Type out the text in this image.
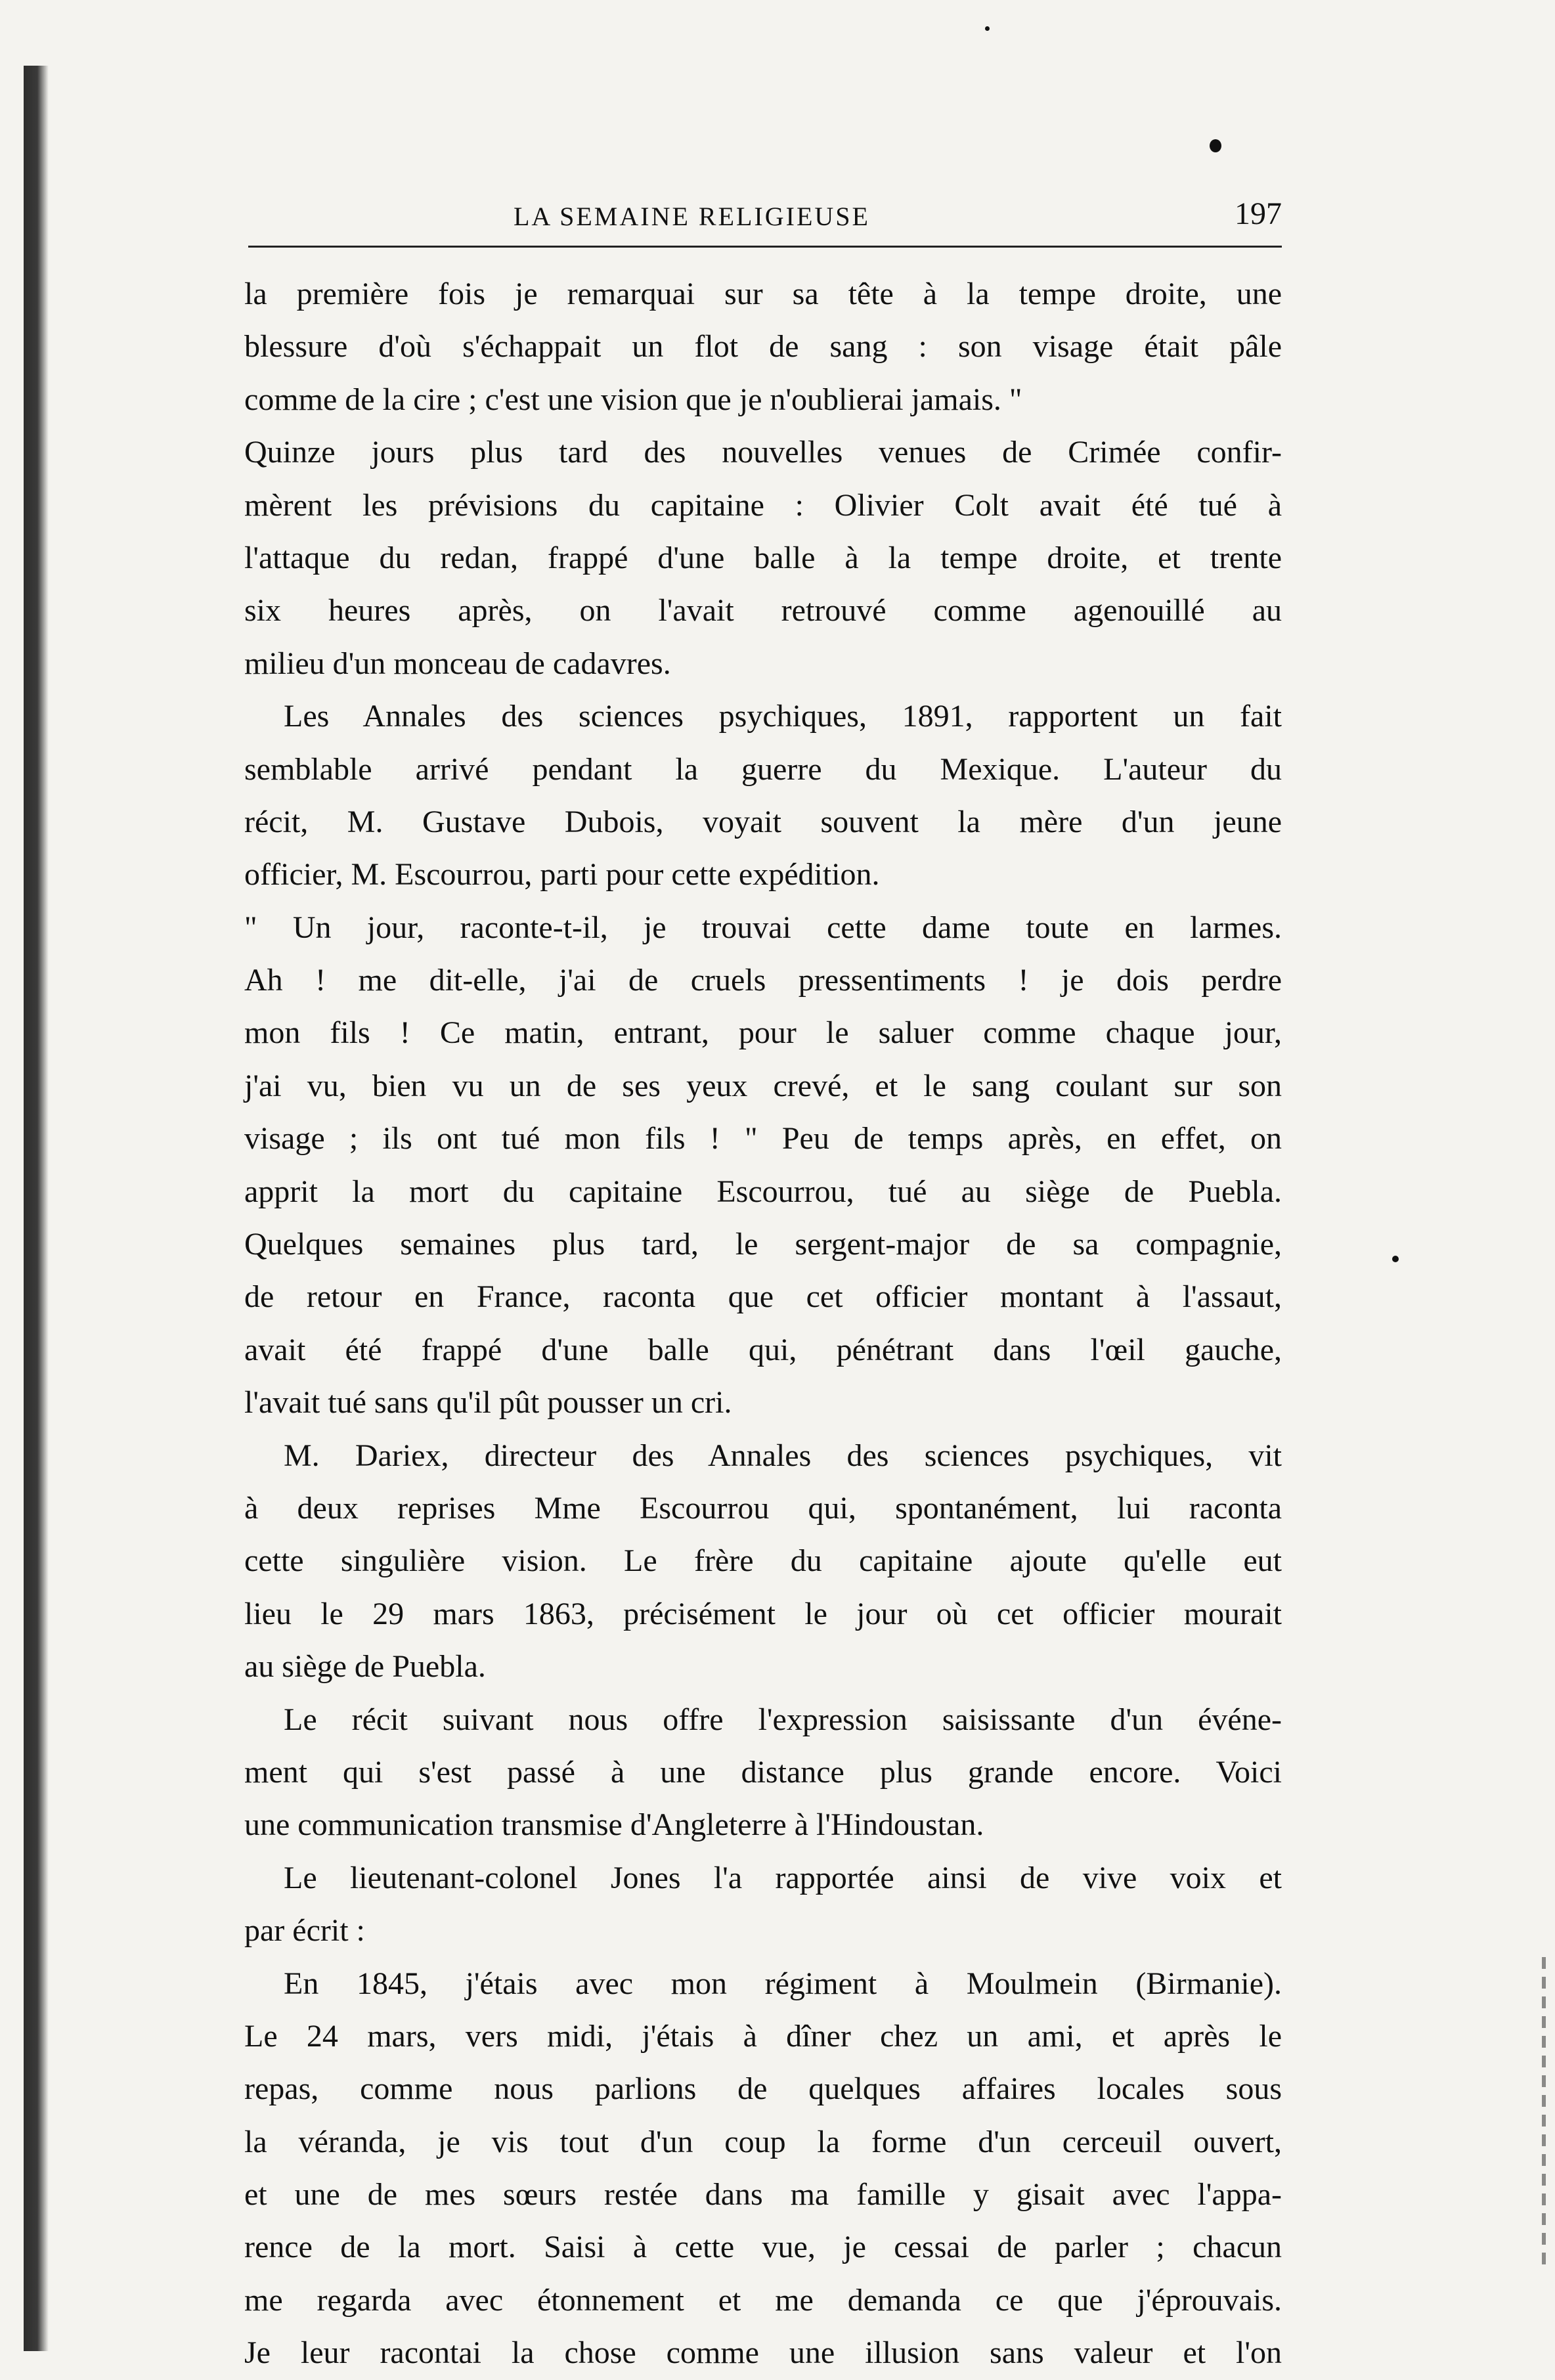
LA SEMAINE RELIGIEUSE	197
la première fois je remarquai sur sa tête à la tempe droite, une
blessure d'où s'échappait un flot de sang : son visage était pâle
comme de la cire ; c'est une vision que je n'oublierai jamais. "
Quinze jours plus tard des nouvelles venues de Crimée confir-
mèrent les prévisions du capitaine : Olivier Colt avait été tué à
l'attaque du redan, frappé d'une balle à la tempe droite, et trente
six heures après, on l'avait retrouvé comme agenouillé au
milieu d'un monceau de cadavres.
Les Annales des sciences psychiques, 1891, rapportent un fait
semblable arrivé pendant la guerre du Mexique. L'auteur du
récit, M. Gustave Dubois, voyait souvent la mère d'un jeune
officier, M. Escourrou, parti pour cette expédition.
" Un jour, raconte-t-il, je trouvai cette dame toute en larmes.
Ah ! me dit-elle, j'ai de cruels pressentiments ! je dois perdre
mon fils ! Ce matin, entrant, pour le saluer comme chaque jour,
j'ai vu, bien vu un de ses yeux crevé, et le sang coulant sur son
visage ; ils ont tué mon fils ! " Peu de temps après, en effet, on
apprit la mort du capitaine Escourrou, tué au siège de Puebla.
Quelques semaines plus tard, le sergent-major de sa compagnie,
de retour en France, raconta que cet officier montant à l'assaut,
avait été frappé d'une balle qui, pénétrant dans l'œil gauche,
l'avait tué sans qu'il pût pousser un cri.
M. Dariex, directeur des Annales des sciences psychiques, vit
à deux reprises Mme Escourrou qui, spontanément, lui raconta
cette singulière vision. Le frère du capitaine ajoute qu'elle eut
lieu le 29 mars 1863, précisément le jour où cet officier mourait
au siège de Puebla.
Le récit suivant nous offre l'expression saisissante d'un événe-
ment qui s'est passé à une distance plus grande encore. Voici
une communication transmise d'Angleterre à l'Hindoustan.
Le lieutenant-colonel Jones l'a rapportée ainsi de vive voix et
par écrit :
En 1845, j'étais avec mon régiment à Moulmein (Birmanie).
Le 24 mars, vers midi, j'étais à dîner chez un ami, et après le
repas, comme nous parlions de quelques affaires locales sous
la véranda, je vis tout d'un coup la forme d'un cerceuil ouvert,
et une de mes sœurs restée dans ma famille y gisait avec l'appa-
rence de la mort. Saisi à cette vue, je cessai de parler ; chacun
me regarda avec étonnement et me demanda ce que j'éprouvais.
Je leur racontai la chose comme une illusion sans valeur et l'on
